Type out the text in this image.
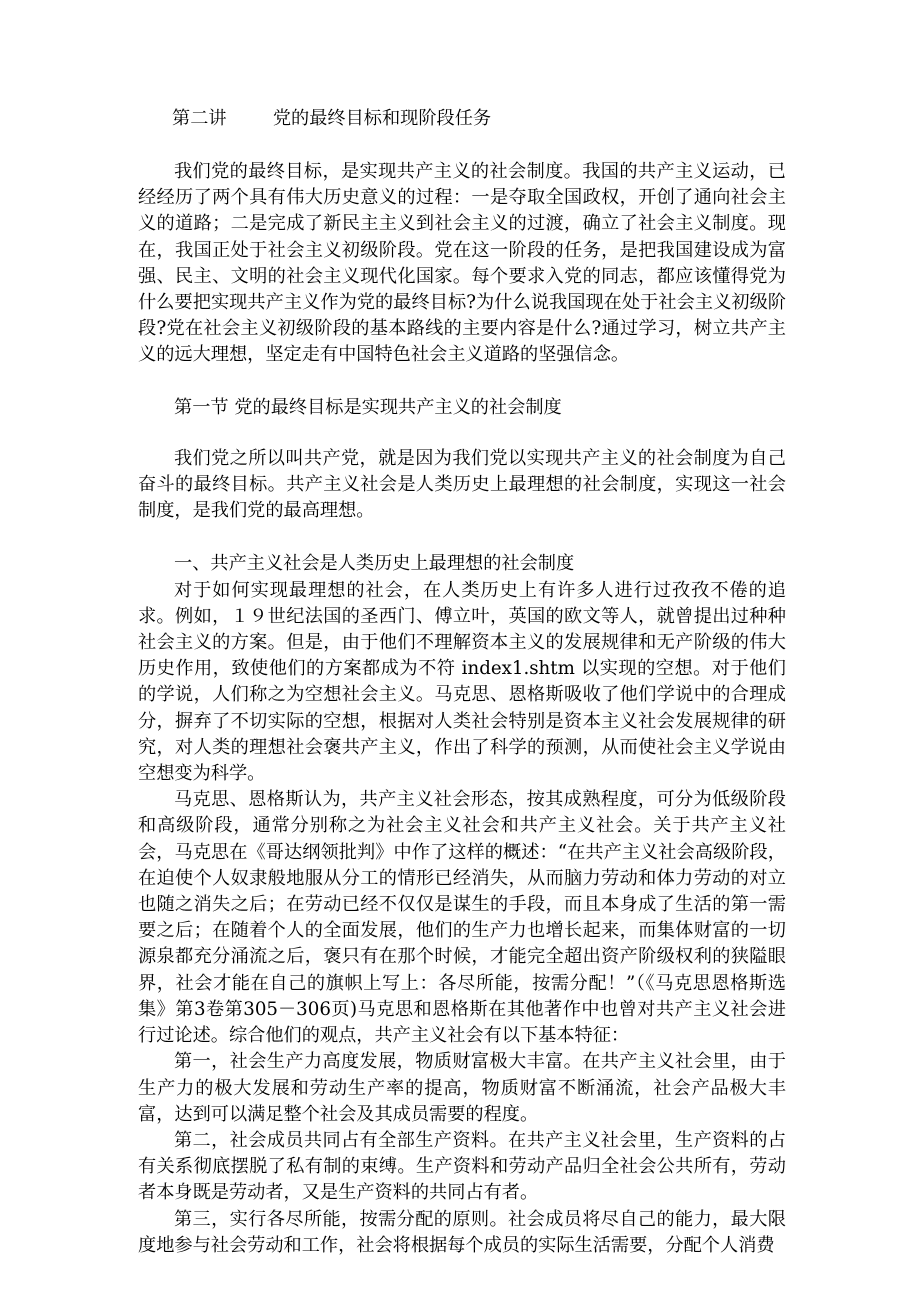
第二讲        党的最终目标和现阶段任务

我们党的最终目标，是实现共产主义的社会制度。我国的共产主义运动，已经经历了两个具有伟大历史意义的过程：一是夺取全国政权，开创了通向社会主义的道路；二是完成了新民主主义到社会主义的过渡，确立了社会主义制度。现在，我国正处于社会主义初级阶段。党在这一阶段的任务，是把我国建设成为富强、民主、文明的社会主义现代化国家。每个要求入党的同志，都应该懂得党为什么要把实现共产主义作为党的最终目标?为什么说我国现在处于社会主义初级阶段?党在社会主义初级阶段的基本路线的主要内容是什么?通过学习，树立共产主义的远大理想，坚定走有中国特色社会主义道路的坚强信念。

第一节 党的最终目标是实现共产主义的社会制度

我们党之所以叫共产党，就是因为我们党以实现共产主义的社会制度为自己奋斗的最终目标。共产主义社会是人类历史上最理想的社会制度，实现这一社会制度，是我们党的最高理想。

一、共产主义社会是人类历史上最理想的社会制度

对于如何实现最理想的社会，在人类历史上有许多人进行过孜孜不倦的追求。例如，１９世纪法国的圣西门、傅立叶，英国的欧文等人，就曾提出过种种社会主义的方案。但是，由于他们不理解资本主义的发展规律和无产阶级的伟大历史作用，致使他们的方案都成为不符 index1.shtm 以实现的空想。对于他们的学说，人们称之为空想社会主义。马克思、恩格斯吸收了他们学说中的合理成分，摒弃了不切实际的空想，根据对人类社会特别是资本主义社会发展规律的研究，对人类的理想社会褒共产主义，作出了科学的预测，从而使社会主义学说由空想变为科学。

马克思、恩格斯认为，共产主义社会形态，按其成熟程度，可分为低级阶段和高级阶段，通常分别称之为社会主义社会和共产主义社会。关于共产主义社会，马克思在《哥达纲领批判》中作了这样的概述：“在共产主义社会高级阶段，在迫使个人奴隶般地服从分工的情形已经消失，从而脑力劳动和体力劳动的对立也随之消失之后；在劳动已经不仅仅是谋生的手段，而且本身成了生活的第一需要之后；在随着个人的全面发展，他们的生产力也增长起来，而集体财富的一切源泉都充分涌流之后，褒只有在那个时候，才能完全超出资产阶级权利的狭隘眼界，社会才能在自己的旗帜上写上：各尽所能，按需分配！”（《马克思恩格斯选集》第3卷第305－306页)马克思和恩格斯在其他著作中也曾对共产主义社会进行过论述。综合他们的观点，共产主义社会有以下基本特征：

第一，社会生产力高度发展，物质财富极大丰富。在共产主义社会里，由于生产力的极大发展和劳动生产率的提高，物质财富不断涌流，社会产品极大丰富，达到可以满足整个社会及其成员需要的程度。

第二，社会成员共同占有全部生产资料。在共产主义社会里，生产资料的占有关系彻底摆脱了私有制的束缚。生产资料和劳动产品归全社会公共所有，劳动者本身既是劳动者，又是生产资料的共同占有者。

第三，实行各尽所能，按需分配的原则。社会成员将尽自己的能力，最大限度地参与社会劳动和工作，社会将根据每个成员的实际生活需要，分配个人消费
